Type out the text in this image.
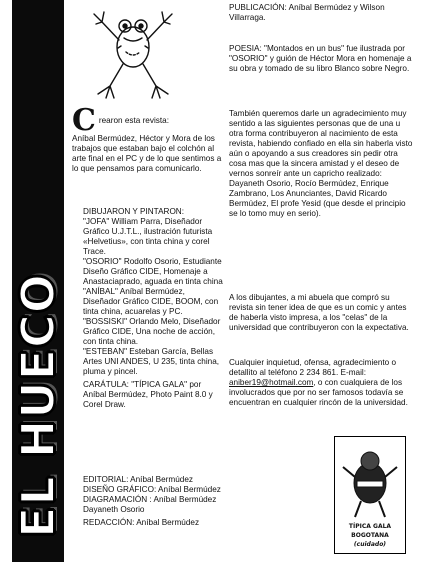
EL HUECO
C rearon esta revista:

Aníbal Bermúdez, Héctor y Mora de los trabajos que estaban bajo el colchón al arte final en el PC y de lo que sentimos a lo que pensamos para comunicarlo.

DIBUJARON Y PINTARON:

"JOFA" William Parra, Diseñador Gráfico U.J.T.L., ilustración futurista «Helvetius», con tinta china y corel Trace.

"OSORIO" Rodolfo Osorio, Estudiante Diseño Gráfico CIDE, Homenaje a Anastaciaprado, aguada en tinta china

"ANÍBAL" Aníbal Bermúdez, Diseñador Gráfico CIDE, BOOM, con tinta china, acuarelas y PC.

"BOSSISKI" Orlando Melo, Diseñador Gráfico CIDE, Una noche de acción, con tinta china.

"ESTEBAN" Esteban García, Bellas Artes UNI ANDES, U 235, tinta china, pluma y pincel.

CARÁTULA: "TÍPICA GALA" por Aníbal Bermúdez, Photo Paint 8.0 y Corel Draw.

EDITORIAL: Aníbal Bermúdez

DISEÑO GRÁFICO: Aníbal Bermúdez

DIAGRAMACIÓN : Aníbal Bermúdez

Dayaneth Osorio

REDACCIÓN: Aníbal Bermúdez

PUBLICACIÓN: Aníbal Bermúdez y Wilson Villarraga.

POESIA: "Montados en un bus" fue ilustrada por "OSORIO" y guión de Héctor Mora en homenaje a su obra y tomado de su libro Blanco sobre Negro.

También queremos darle un agradecimiento muy sentido a las siguientes personas que de una u otra forma contribuyeron al nacimiento de esta revista, habiendo confiado en ella sin haberla visto aún o apoyando a sus creadores sin pedir otra cosa mas que la sincera amistad y el deseo de vernos sonreír ante un capricho realizado: Dayaneth Osorio, Rocío Bermúdez, Enrique Zambrano, Los Anunciantes, David Ricardo Bermúdez, El profe Yesid (que desde el principio se lo tomo muy en serio).

A los dibujantes, a mi abuela que compró su revista sin tener idea de que es un comic y antes de haberla visto impresa, a los "celas" de la universidad que contribuyeron con la expectativa.

Cualquier inquietud, ofensa, agradecimiento o detallito al teléfono 2 234 861. E-mail: aniber19@hotmail.com, o con cualquiera de los involucrados que por no ser famosos todavía se encuentran en cualquier rincón de la universidad.

TÍPICA GALA
BOGOTANA
(cuidado)
